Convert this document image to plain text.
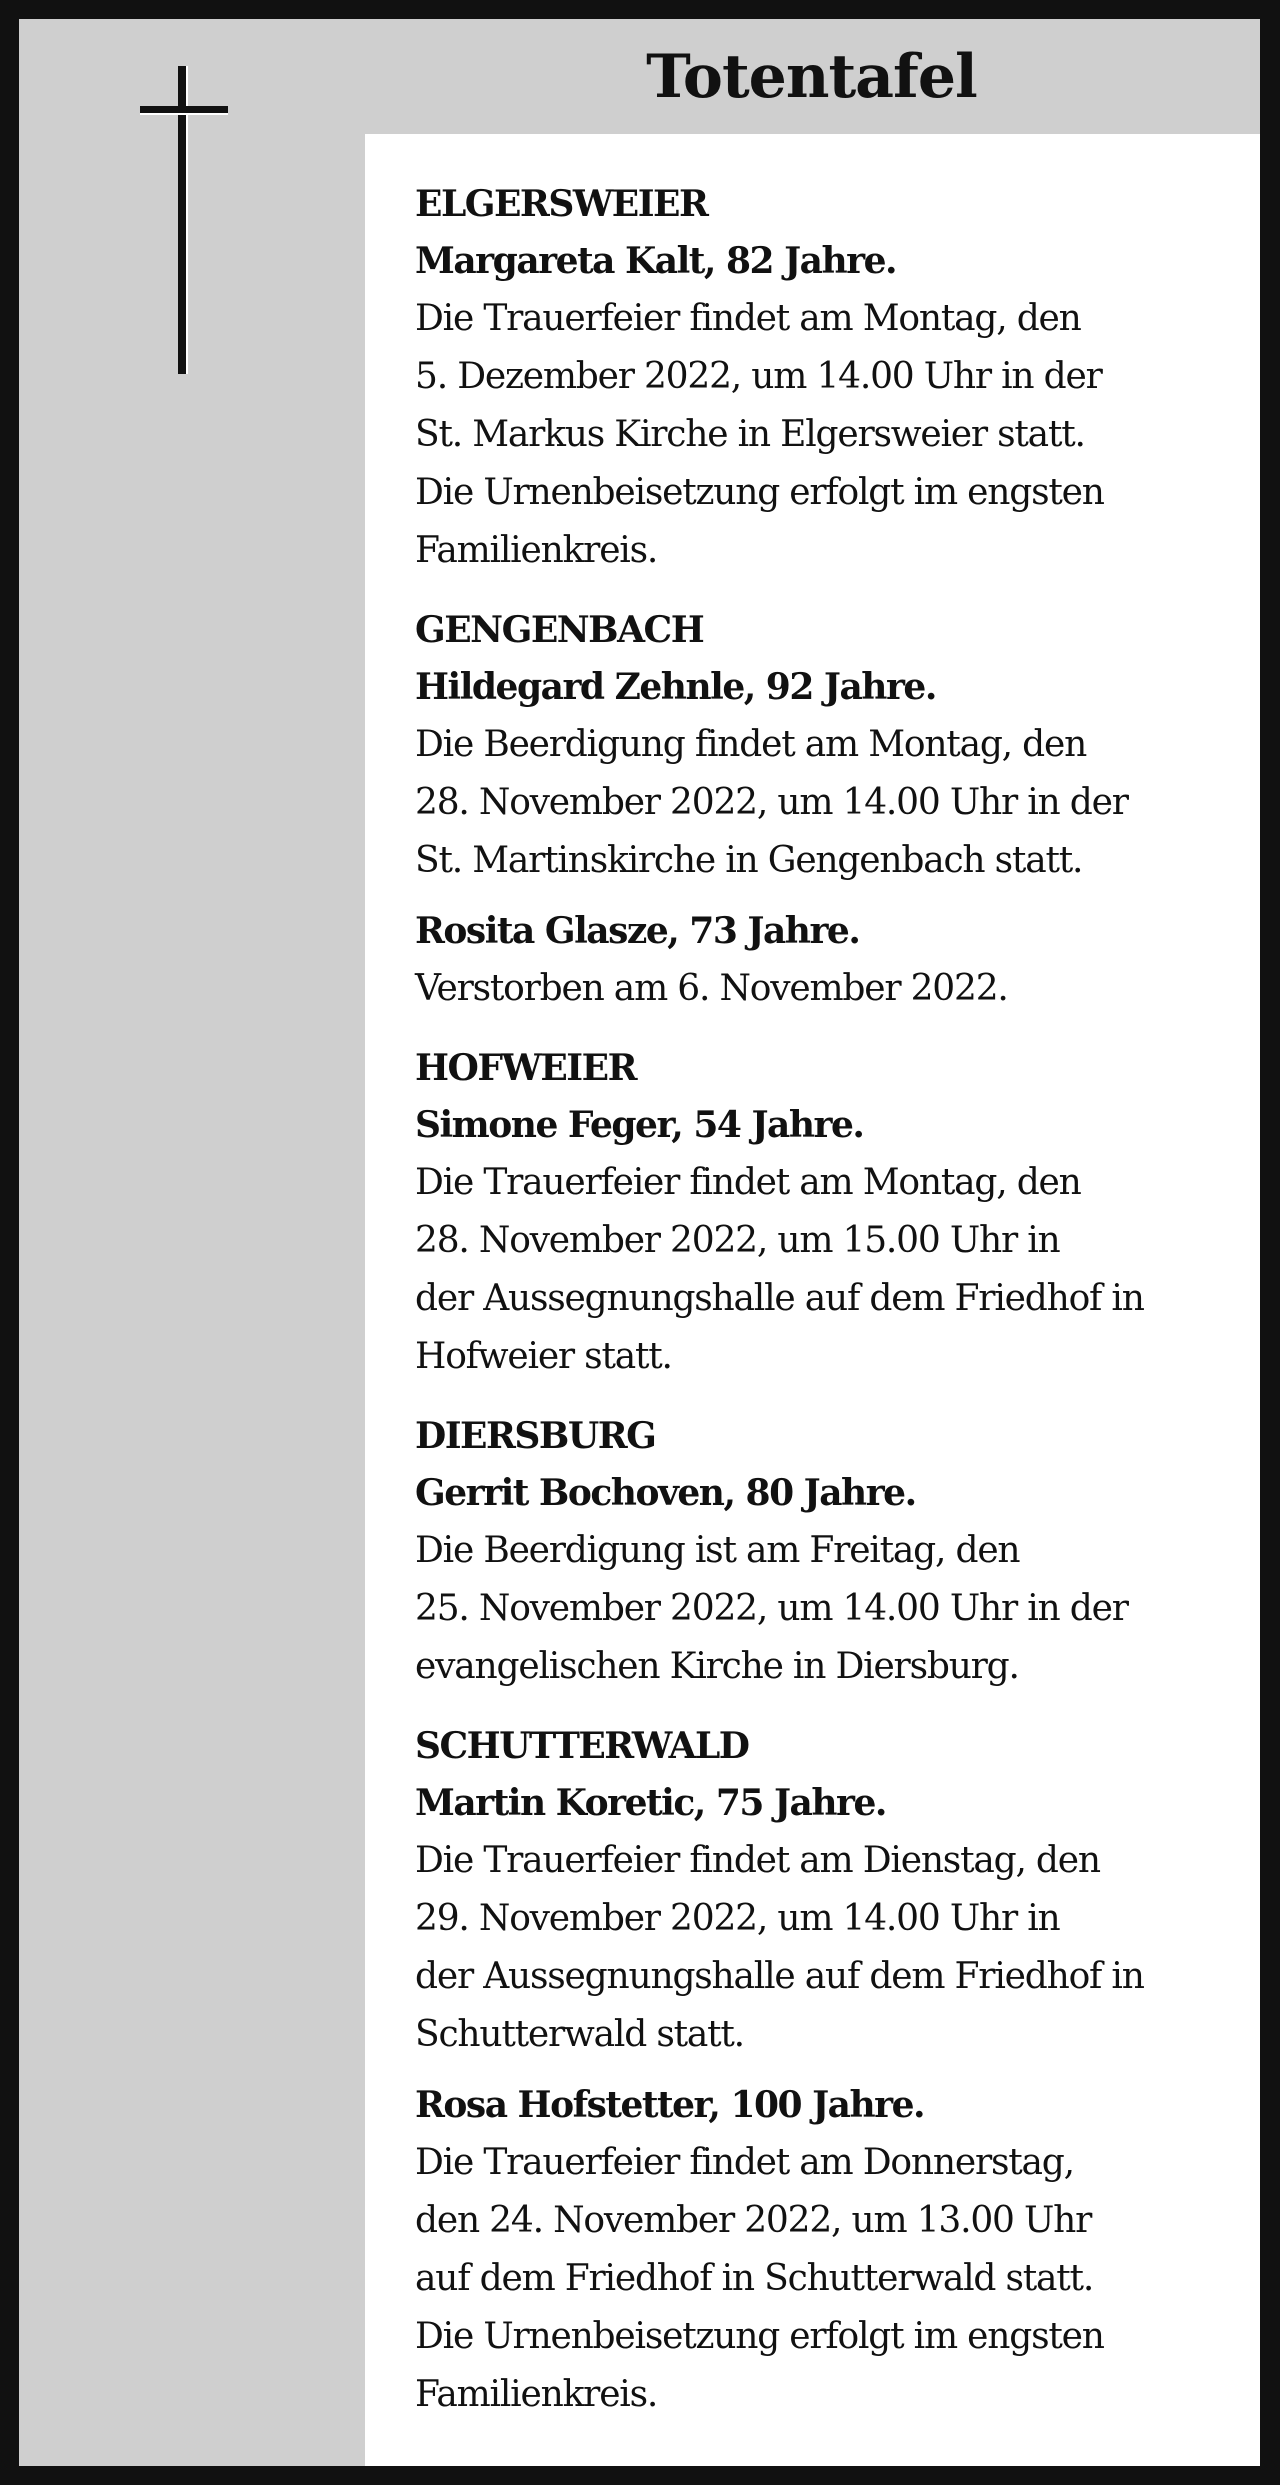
Totentafel
ELGERSWEIER
Margareta Kalt, 82 Jahre.
Die Trauerfeier findet am Montag, den
5. Dezember 2022, um 14.00 Uhr in der
St. Markus Kirche in Elgersweier statt.
Die Urnenbeisetzung erfolgt im engsten
Familienkreis.
GENGENBACH
Hildegard Zehnle, 92 Jahre.
Die Beerdigung findet am Montag, den
28. November 2022, um 14.00 Uhr in der
St. Martinskirche in Gengenbach statt.
Rosita Glasze, 73 Jahre.
Verstorben am 6. November 2022.
HOFWEIER
Simone Feger, 54 Jahre.
Die Trauerfeier findet am Montag, den
28. November 2022, um 15.00 Uhr in
der Aussegnungshalle auf dem Friedhof in
Hofweier statt.
DIERSBURG
Gerrit Bochoven, 80 Jahre.
Die Beerdigung ist am Freitag, den
25. November 2022, um 14.00 Uhr in der
evangelischen Kirche in Diersburg.
SCHUTTERWALD
Martin Koretic, 75 Jahre.
Die Trauerfeier findet am Dienstag, den
29. November 2022, um 14.00 Uhr in
der Aussegnungshalle auf dem Friedhof in
Schutterwald statt.
Rosa Hofstetter, 100 Jahre.
Die Trauerfeier findet am Donnerstag,
den 24. November 2022, um 13.00 Uhr
auf dem Friedhof in Schutterwald statt.
Die Urnenbeisetzung erfolgt im engsten
Familienkreis.
